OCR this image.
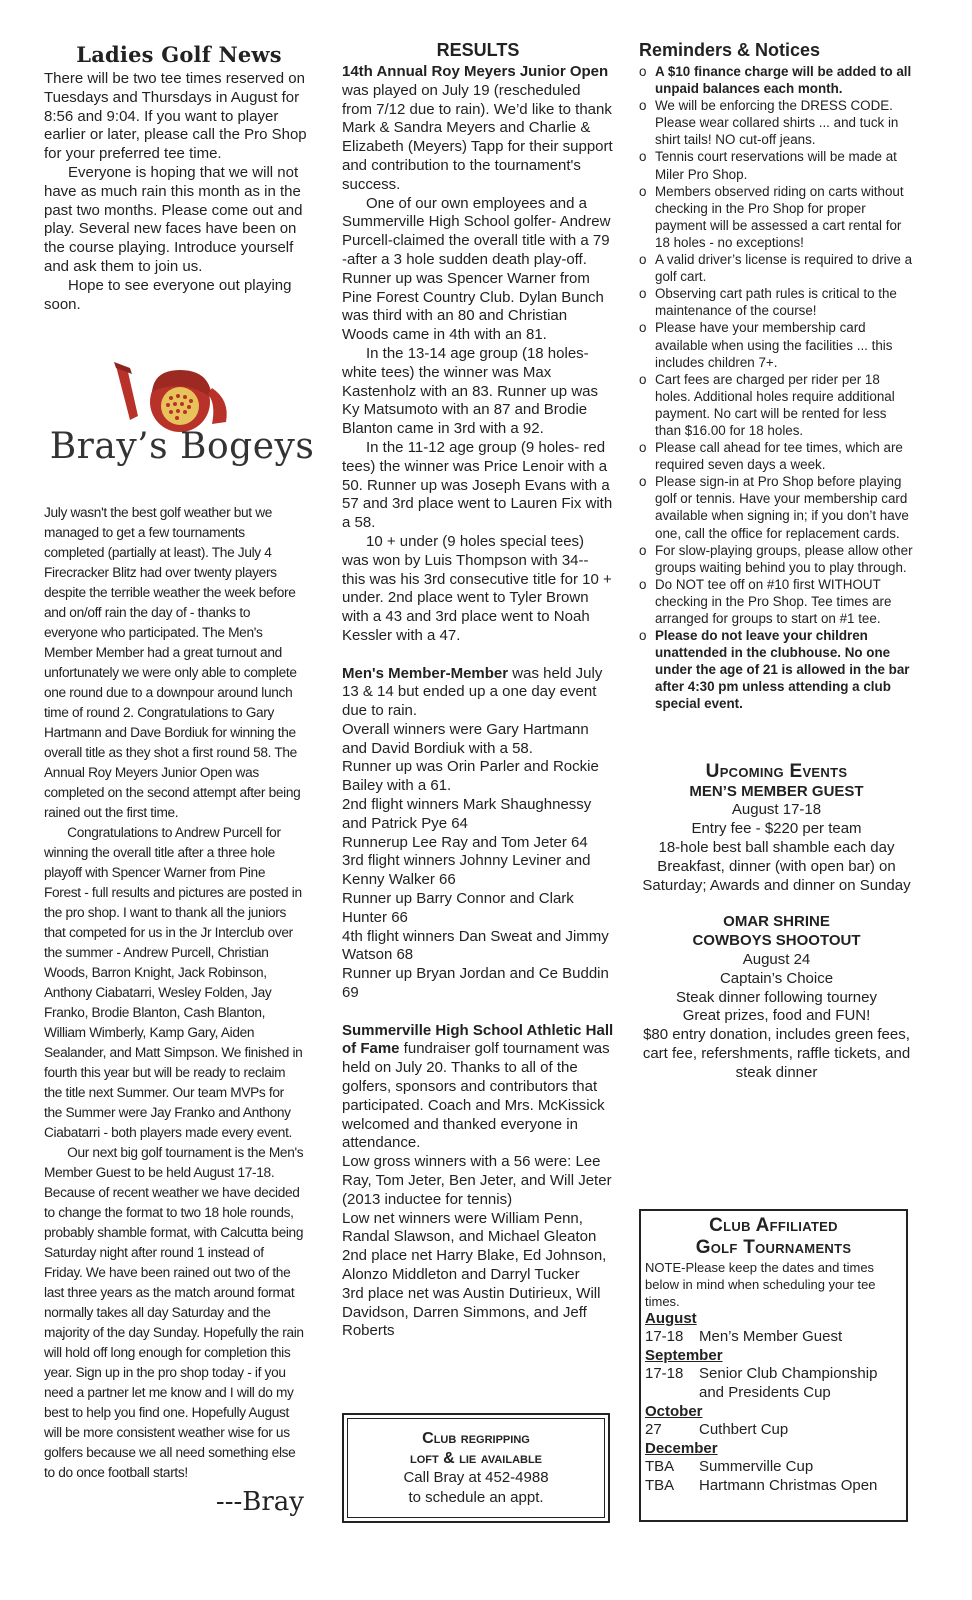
Ladies Golf News

There will be two tee times reserved on Tuesdays and Thursdays in August for 8:56 and 9:04. If you want to player earlier or later, please call the Pro Shop for your preferred tee time.

Everyone is hoping that we will not have as much rain this month as in the past two months. Please come out and play. Several new faces have been on the course playing. Introduce yourself and ask them to join us.

Hope to see everyone out playing soon.

Bray’s Bogeys

July wasn't the best golf weather but we managed to get a few tournaments completed (partially at least). The July 4 Firecracker Blitz had over twenty players despite the terrible weather the week before and on/off rain the day of - thanks to everyone who participated. The Men's Member Member had a great turnout and unfortunately we were only able to complete one round due to a downpour around lunch time of round 2. Congratulations to Gary Hartmann and Dave Bordiuk for winning the overall title as they shot a first round 58. The Annual Roy Meyers Junior Open was completed on the second attempt after being rained out the first time.

Congratulations to Andrew Purcell for winning the overall title after a three hole playoff with Spencer Warner from Pine Forest - full results and pictures are posted in the pro shop. I want to thank all the juniors that competed for us in the Jr Interclub over the summer - Andrew Purcell, Christian Woods, Barron Knight, Jack Robinson, Anthony Ciabatarri, Wesley Folden, Jay Franko, Brodie Blanton, Cash Blanton, William Wimberly, Kamp Gary, Aiden Sealander, and Matt Simpson. We finished in fourth this year but will be ready to reclaim the title next Summer. Our team MVPs for the Summer were Jay Franko and Anthony Ciabatarri - both players made every event.

Our next big golf tournament is the Men's Member Guest to be held August 17-18. Because of recent weather we have decided to change the format to two 18 hole rounds, probably shamble format, with Calcutta being Saturday night after round 1 instead of Friday. We have been rained out two of the last three years as the match around format normally takes all day Saturday and the majority of the day Sunday. Hopefully the rain will hold off long enough for completion this year. Sign up in the pro shop today - if you need a partner let me know and I will do my best to help you find one. Hopefully August will be more consistent weather wise for us golfers because we all need something else to do once football starts!

---Bray
RESULTS

14th Annual Roy Meyers Junior Open was played on July 19 (rescheduled from 7/12 due to rain). We’d like to thank Mark & Sandra Meyers and Charlie & Elizabeth (Meyers) Tapp for their support and contribution to the tournament's success.

One of our own employees and a Summerville High School golfer- Andrew Purcell-claimed the overall title with a 79 -after a 3 hole sudden death play-off. Runner up was Spencer Warner from Pine Forest Country Club. Dylan Bunch was third with an 80 and Christian Woods came in 4th with an 81.

In the 13-14 age group (18 holes- white tees) the winner was Max Kastenholz with an 83. Runner up was Ky Matsumoto with an 87 and Brodie Blanton came in 3rd with a 92.

In the 11-12 age group (9 holes- red tees) the winner was Price Lenoir with a 50. Runner up was Joseph Evans with a 57 and 3rd place went to Lauren Fix with a 58.

10 + under (9 holes special tees) was won by Luis Thompson with 34-- this was his 3rd consecutive title for 10 + under. 2nd place went to Tyler Brown with a 43 and 3rd place went to Noah Kessler with a 47.

Men's Member-Member was held July 13 & 14 but ended up a one day event due to rain.

Overall winners were Gary Hartmann and David Bordiuk with a 58.

Runner up was Orin Parler and Rockie Bailey with a 61.

2nd flight winners Mark Shaughnessy and Patrick Pye 64

Runnerup Lee Ray and Tom Jeter 64

3rd flight winners Johnny Leviner and Kenny Walker 66

Runner up Barry Connor and Clark Hunter 66

4th flight winners Dan Sweat and Jimmy Watson 68

Runner up Bryan Jordan and Ce Buddin 69

Summerville High School Athletic Hall of Fame fundraiser golf tournament was held on July 20. Thanks to all of the golfers, sponsors and contributors that participated. Coach and Mrs. McKissick welcomed and thanked everyone in attendance.

Low gross winners with a 56 were: Lee Ray, Tom Jeter, Ben Jeter, and Will Jeter (2013 inductee for tennis)

Low net winners were William Penn, Randal Slawson, and Michael Gleaton

2nd place net Harry Blake, Ed Johnson, Alonzo Middleton and Darryl Tucker

3rd place net was Austin Dutirieux, Will Davidson, Darren Simmons, and Jeff Roberts

Club regripping
loft & lie available
Call Bray at 452-4988
to schedule an appt.
Reminders & Notices
o A $10 finance charge will be added to all unpaid balances each month.
o We will be enforcing the DRESS CODE. Please wear collared shirts ... and tuck in shirt tails! NO cut-off jeans.
o Tennis court reservations will be made at Miler Pro Shop.
o Members observed riding on carts without checking in the Pro Shop for proper payment will be assessed a cart rental for 18 holes - no exceptions!
o A valid driver’s license is required to drive a golf cart.
o Observing cart path rules is critical to the maintenance of the course!
o Please have your membership card available when using the facilities ... this includes children 7+.
o Cart fees are charged per rider per 18 holes. Additional holes require additional payment. No cart will be rented for less than $16.00 for 18 holes.
o Please call ahead for tee times, which are required seven days a week.
o Please sign-in at Pro Shop before playing golf or tennis. Have your membership card available when signing in; if you don’t have one, call the office for replacement cards.
o For slow-playing groups, please allow other groups waiting behind you to play through.
o Do NOT tee off on #10 first WITHOUT checking in the Pro Shop. Tee times are arranged for groups to start on #1 tee.
o Please do not leave your children unattended in the clubhouse. No one under the age of 21 is allowed in the bar after 4:30 pm unless attending a club special event.
Upcoming Events
MEN’S MEMBER GUEST
August 17-18
Entry fee - $220 per team
18-hole best ball shamble each day
Breakfast, dinner (with open bar) on Saturday; Awards and dinner on Sunday
OMAR SHRINE
COWBOYS SHOOTOUT
August 24
Captain’s Choice
Steak dinner following tourney
Great prizes, food and FUN!
$80 entry donation, includes green fees, cart fee, refershments, raffle tickets, and steak dinner
Club Affiliated
Golf Tournaments

NOTE-Please keep the dates and times below in mind when scheduling your tee times.

August
17-18	Men’s Member Guest
September
17-18	Senior Club Championship and Presidents Cup
October
27	Cuthbert Cup
December
TBA	Summerville Cup
TBA	Hartmann Christmas Open
